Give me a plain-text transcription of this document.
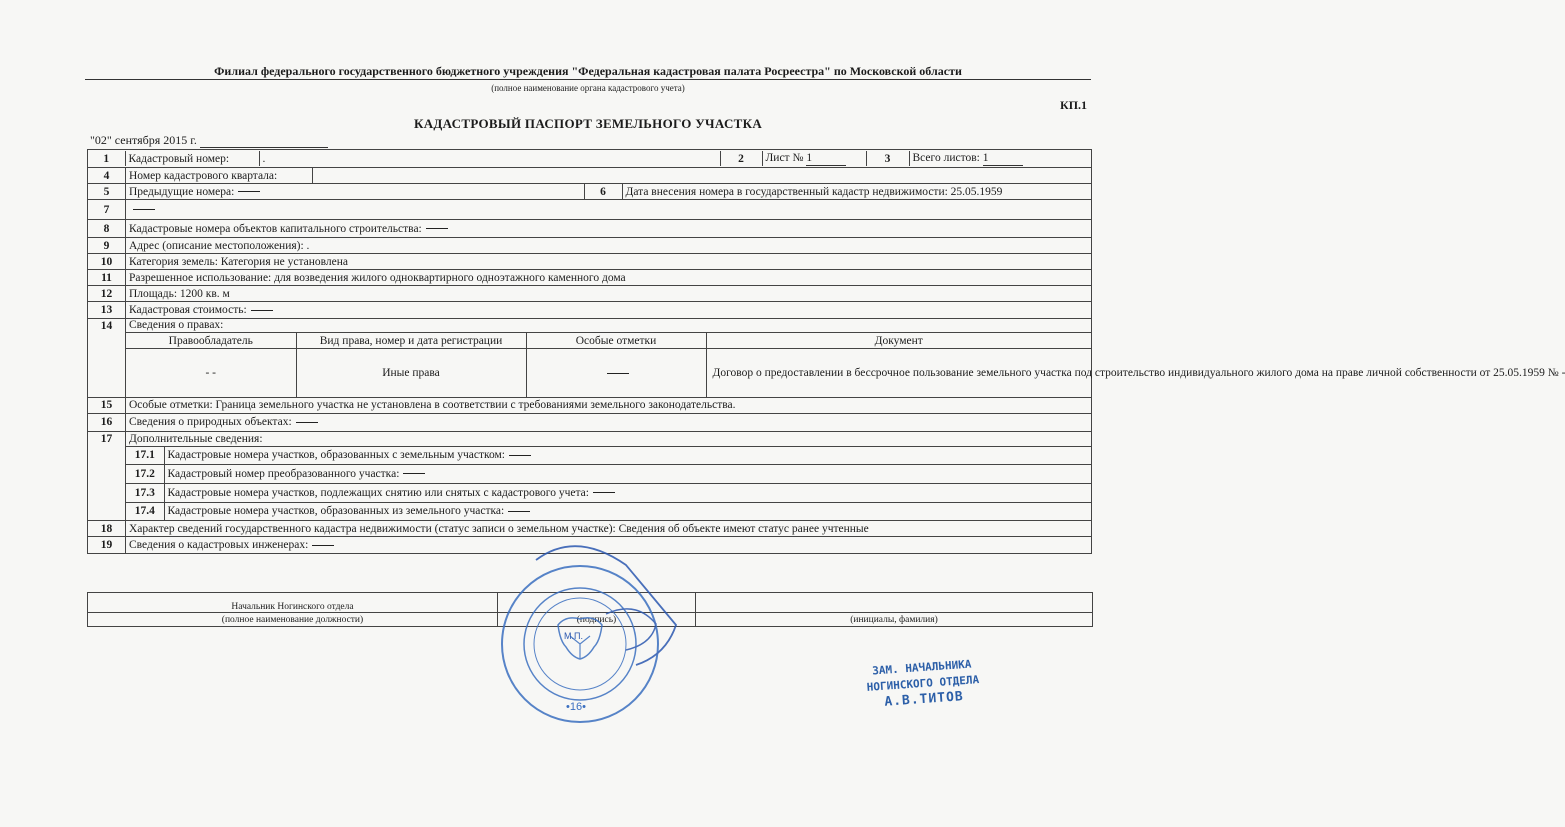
Филиал федерального государственного бюджетного учреждения "Федеральная кадастровая палата Росреестра" по Московской области
(полное наименование органа кадастрового учета)
КП.1
КАДАСТРОВЫЙ ПАСПОРТ ЗЕМЕЛЬНОГО УЧАСТКА
"02" сентября 2015 г.
1	Кадастровый номер:	.	2	Лист № 1	3	Всего листов: 1

4	Номер кадастрового квартала:	

5	Предыдущие номера:	6	Дата внесения номера в государственный кадастр недвижимости: 25.05.1959

7	
8	Кадастровые номера объектов капитального строительства:
9	Адрес (описание местоположения): .
10	Категория земель: Категория не установлена
11	Разрешенное использование: для возведения жилого одноквартирного одноэтажного каменного дома
12	Площадь: 1200 кв. м
13	Кадастровая стоимость:
14	Сведения о правах:
Правообладатель	Вид права, номер и дата регистрации	Особые отметки	Документ
- -	Иные права		Договор о предоставлении в бессрочное пользование земельного участка под строительство индивидуального жилого дома на праве личной собственности от 25.05.1959 № -

15	Особые отметки: Граница земельного участка не установлена в соответствии с требованиями земельного законодательства.
16	Сведения о природных объектах:
17	Дополнительные сведения:
17.1	Кадастровые номера участков, образованных с земельным участком:
17.2	Кадастровый номер преобразованного участка:
17.3	Кадастровые номера участков, подлежащих снятию или снятых с кадастрового учета:
17.4	Кадастровые номера участков, образованных из земельного участка:

18	Характер сведений государственного кадастра недвижимости (статус записи о земельном участке): Сведения об объекте имеют статус ранее учтенные
19	Сведения о кадастровых инженерах:
Начальник Ногинского отдела		
(полное наименование должности)	(подпись)	(инициалы, фамилия)
М.П.
•16•
ЗАМ. НАЧАЛЬНИКА
НОГИНСКОГО ОТДЕЛА
А.В.ТИТОВ
